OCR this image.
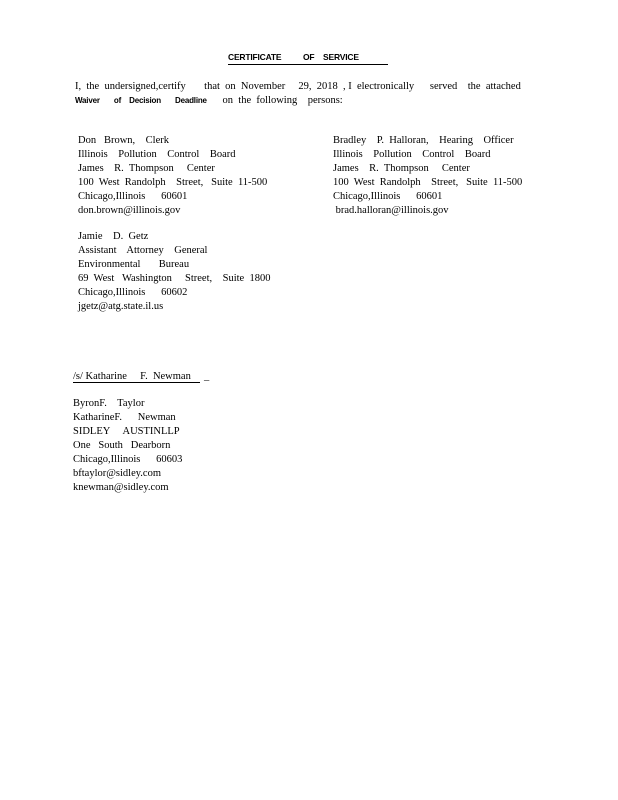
CERTIFICATE          OF    SERVICE
I,  the  undersigned,certify       that  on  November     29,  2018  , I  electronically      served    the  attached
Waiver       of    Decision       Deadline      on  the  following    persons:
Don   Brown,    Clerk
Illinois    Pollution    Control    Board
James    R.  Thompson     Center
100  West  Randolph    Street,   Suite  11-500
Chicago,Illinois      60601
don.brown@illinois.gov
Bradley    P.  Halloran,    Hearing    Officer
Illinois    Pollution    Control    Board
James    R.  Thompson     Center
100  West  Randolph    Street,   Suite  11-500
Chicago,Illinois      60601
brad.halloran@illinois.gov
Jamie    D.  Getz
Assistant    Attorney    General
Environmental       Bureau
69  West   Washington     Street,    Suite  1800
Chicago,Illinois      60602
jgetz@atg.state.il.us
/s/ Katharine     F.  Newman     _
ByronF.    Taylor
KatharineF.      Newman
SIDLEY     AUSTINLLP
One   South   Dearborn
Chicago,Illinois      60603
bftaylor@sidley.com
knewman@sidley.com
